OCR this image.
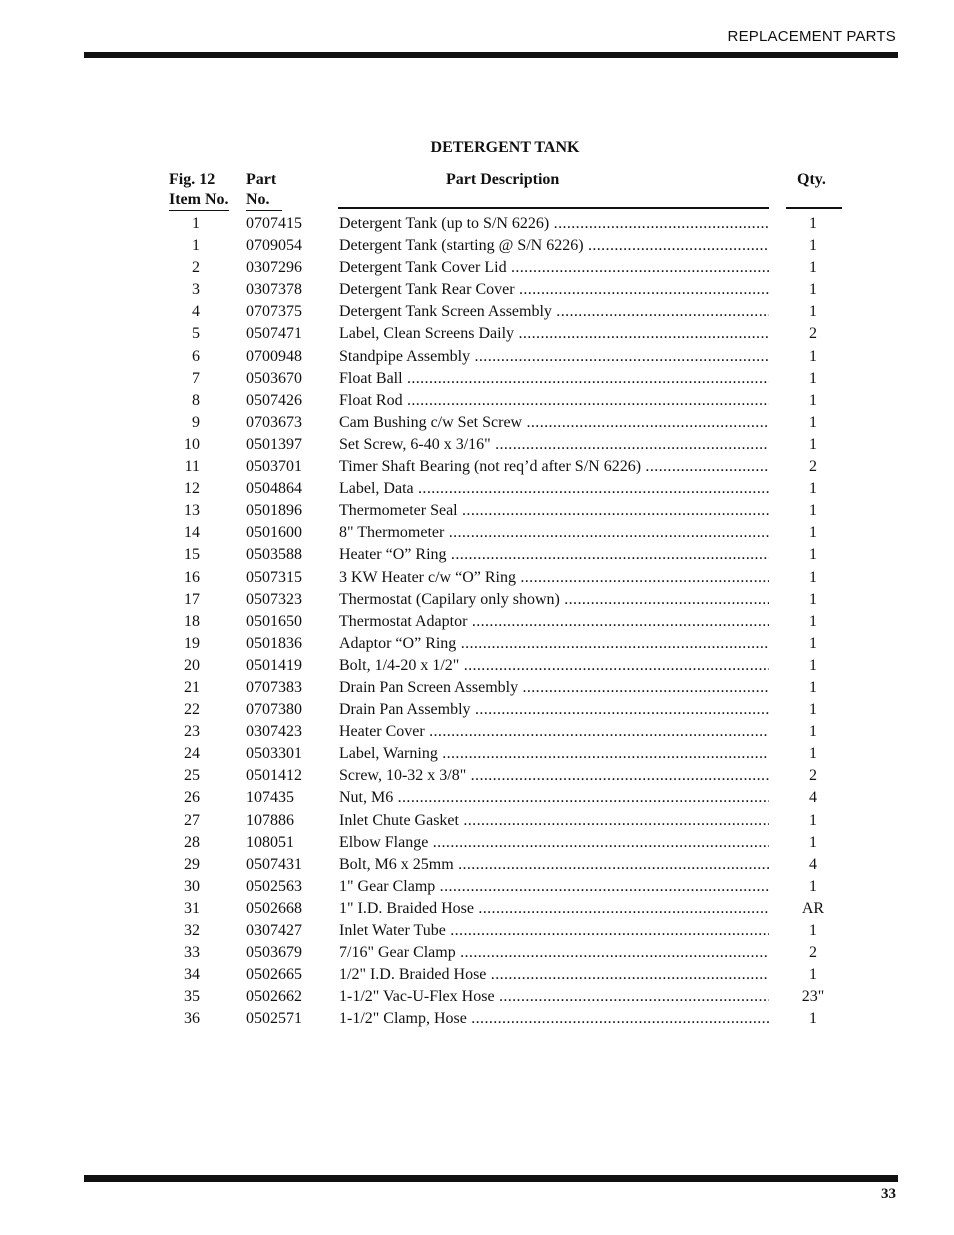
REPLACEMENT PARTS
DETERGENT TANK
Fig. 12
Item No.
Part
No.
Part Description	Qty.
1	0707415 Detergent Tank (up to S/N 6226) .....	1
1	0709054 Detergent Tank (starting @ S/N 6226) .....	1
2	0307296 Detergent Tank Cover Lid .....	1
3	0307378 Detergent Tank Rear Cover .....	1
4	0707375 Detergent Tank Screen Assembly .....	1
5	0507471 Label, Clean Screens Daily .....	2
6	0700948 Standpipe Assembly .....	1
7	0503670 Float Ball .....	1
8	0507426 Float Rod .....	1
9	0703673 Cam Bushing c/w Set Screw .....	1
10	0501397 Set Screw, 6-40 x 3/16" .....	1
11	0503701 Timer Shaft Bearing (not req’d after S/N 6226) .....	2
12	0504864 Label, Data .....	1
13	0501896 Thermometer Seal .....	1
14	0501600 8" Thermometer .....	1
15	0503588 Heater “O” Ring .....	1
16	0507315 3 KW Heater c/w “O” Ring .....	1
17	0507323 Thermostat (Capilary only shown) .....	1
18	0501650 Thermostat Adaptor .....	1
19	0501836 Adaptor “O” Ring .....	1
20	0501419 Bolt, 1/4-20 x 1/2" .....	1
21	0707383 Drain Pan Screen Assembly .....	1
22	0707380 Drain Pan Assembly .....	1
23	0307423 Heater Cover .....	1
24	0503301 Label, Warning .....	1
25	0501412 Screw, 10-32 x 3/8" .....	2
26	107435	Nut, M6 .....	4
27	107886	Inlet Chute Gasket .....	1
28	108051	Elbow Flange .....	1
29	0507431 Bolt, M6 x 25mm .....	4
30	0502563 1" Gear Clamp .....	1
31	0502668 1" I.D. Braided Hose .....	AR
32	0307427 Inlet Water Tube .....	1
33	0503679 7/16" Gear Clamp .....	2
34	0502665 1/2" I.D. Braided Hose .....	1
35	0502662 1-1/2" Vac-U-Flex Hose .....	23"
36	0502571 1-1/2" Clamp, Hose .....	1
33
